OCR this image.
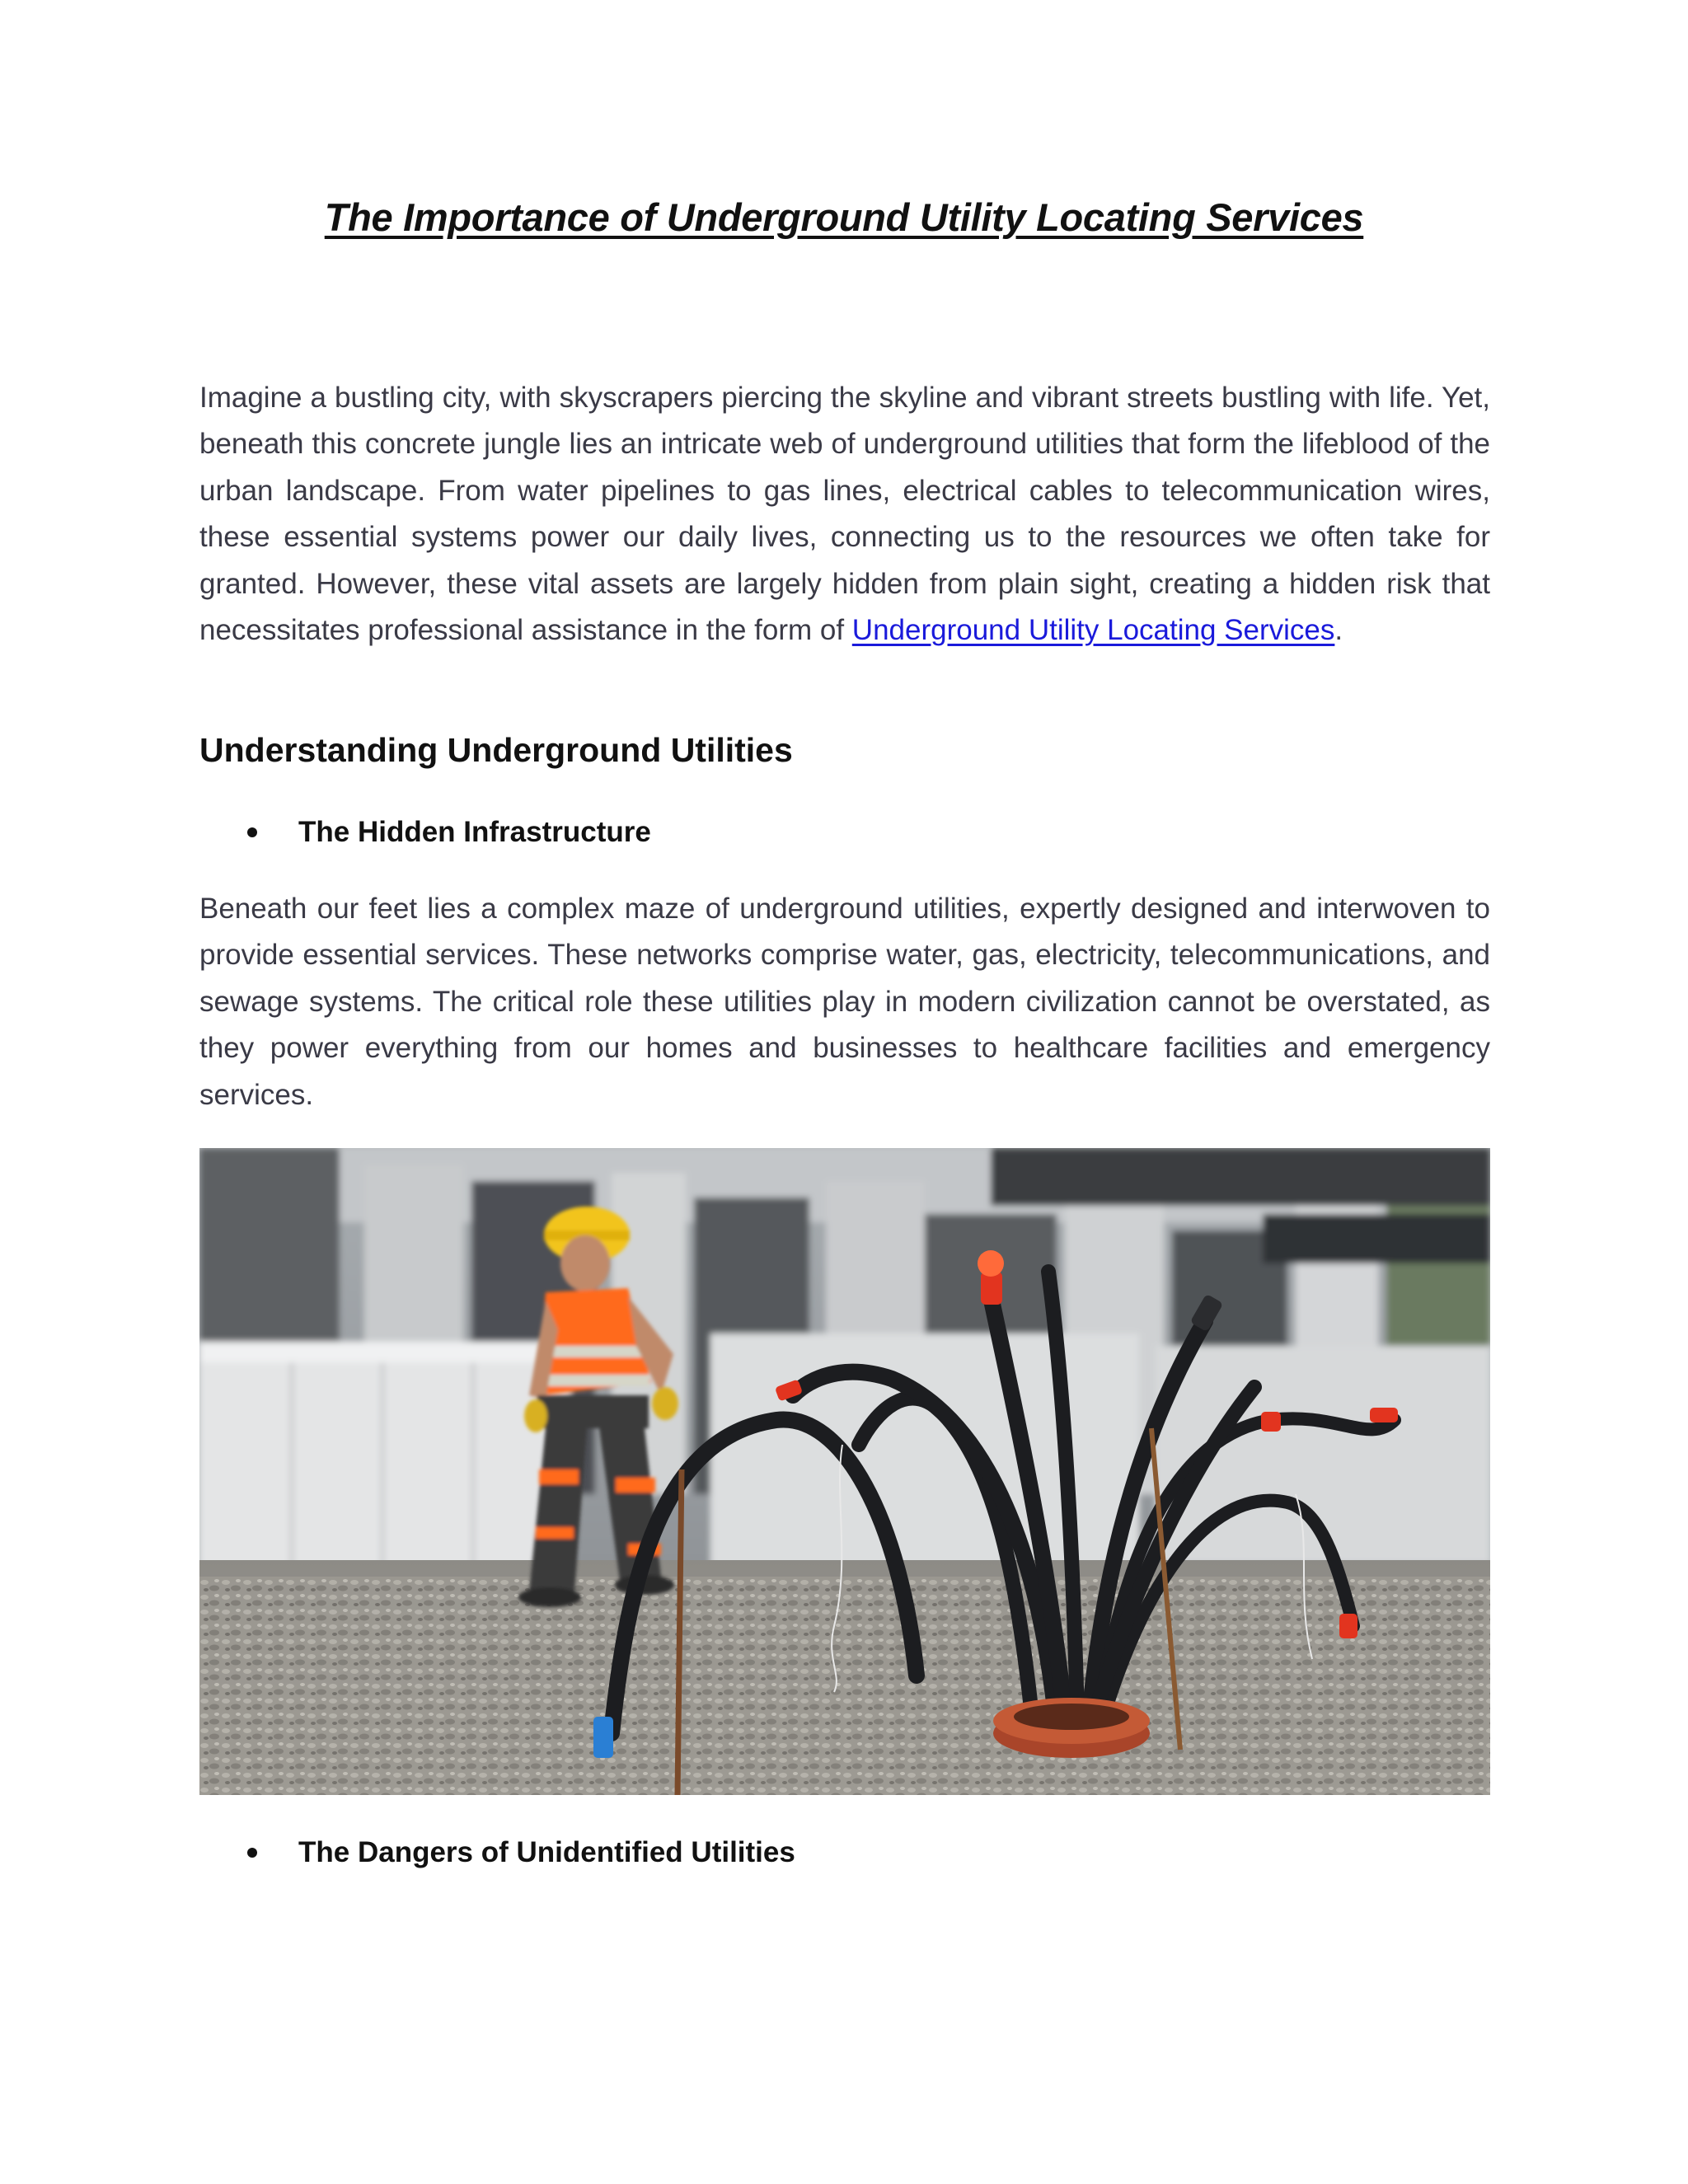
The Importance of Underground Utility Locating Services
Imagine a bustling city, with skyscrapers piercing the skyline and vibrant streets bustling with life. Yet, beneath this concrete jungle lies an intricate web of underground utilities that form the lifeblood of the urban landscape. From water pipelines to gas lines, electrical cables to telecommunication wires, these essential systems power our daily lives, connecting us to the resources we often take for granted. However, these vital assets are largely hidden from plain sight, creating a hidden risk that necessitates professional assistance in the form of Underground Utility Locating Services.
Understanding Underground Utilities
The Hidden Infrastructure
Beneath our feet lies a complex maze of underground utilities, expertly designed and interwoven to provide essential services. These networks comprise water, gas, electricity, telecommunications, and sewage systems. The critical role these utilities play in modern civilization cannot be overstated, as they power everything from our homes and businesses to healthcare facilities and emergency services.
The Dangers of Unidentified Utilities
